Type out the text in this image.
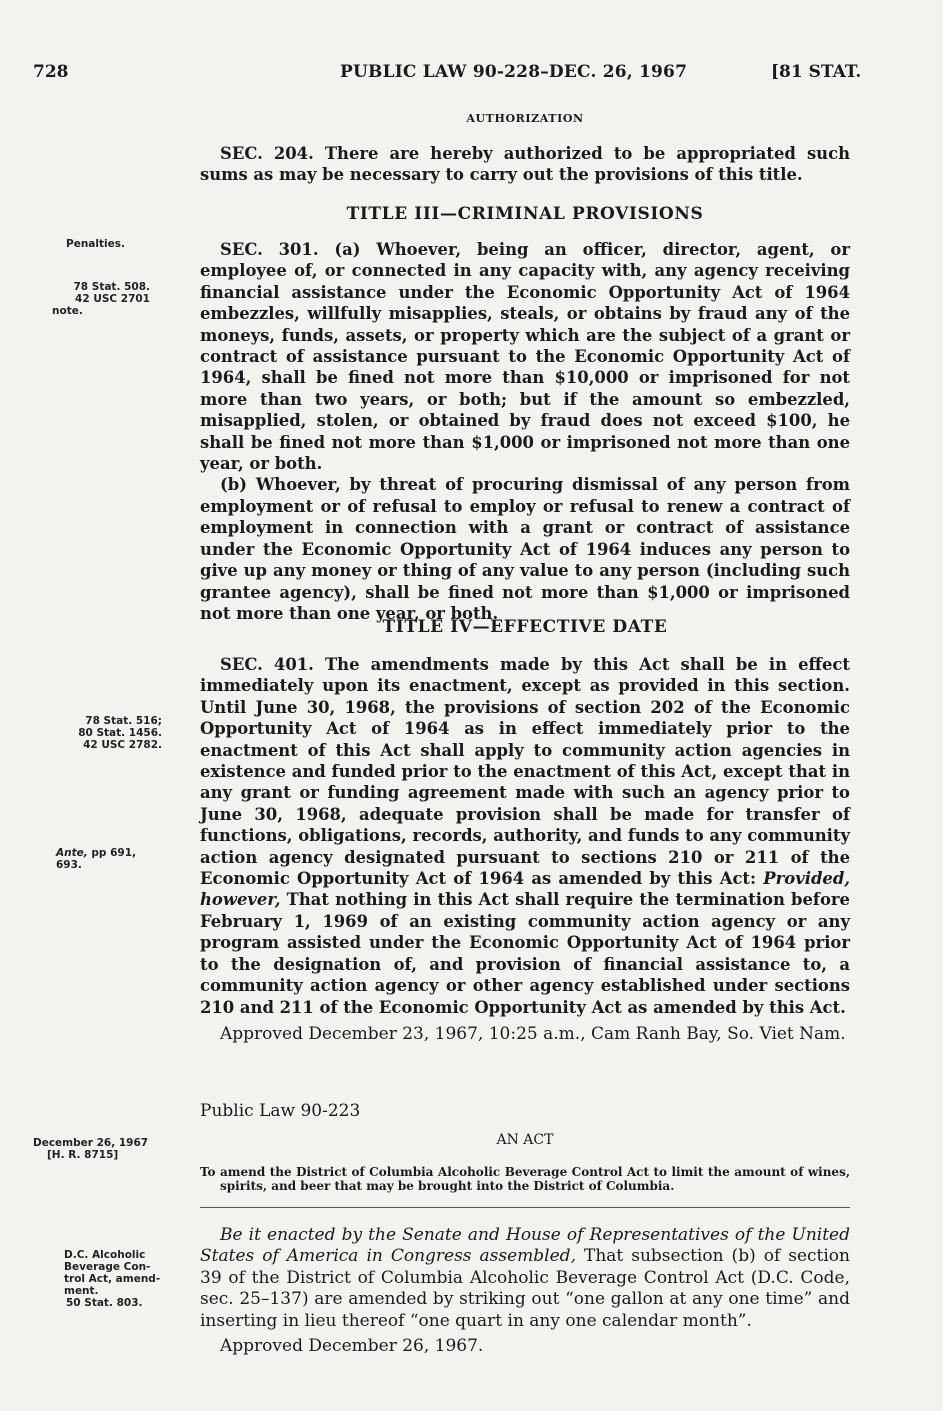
728	PUBLIC LAW 90-228–DEC. 26, 1967	[81 STAT.

AUTHORIZATION

SEC. 204. There are hereby authorized to be appropriated such sums as may be necessary to carry out the provisions of this title.

TITLE III—CRIMINAL PROVISIONS

SEC. 301. (a) Whoever, being an officer, director, agent, or employee of, or connected in any capacity with, any agency receiving financial assistance under the Economic Opportunity Act of 1964 embezzles, willfully misapplies, steals, or obtains by fraud any of the moneys, funds, assets, or property which are the subject of a grant or contract of assistance pursuant to the Economic Opportunity Act of 1964, shall be fined not more than $10,000 or imprisoned for not more than two years, or both; but if the amount so embezzled, misapplied, stolen, or obtained by fraud does not exceed $100, he shall be fined not more than $1,000 or imprisoned not more than one year, or both.

(b) Whoever, by threat of procuring dismissal of any person from employment or of refusal to employ or refusal to renew a contract of employment in connection with a grant or contract of assistance under the Economic Opportunity Act of 1964 induces any person to give up any money or thing of any value to any person (including such grantee agency), shall be fined not more than $1,000 or imprisoned not more than one year, or both.

TITLE IV—EFFECTIVE DATE

SEC. 401. The amendments made by this Act shall be in effect immediately upon its enactment, except as provided in this section. Until June 30, 1968, the provisions of section 202 of the Economic Opportunity Act of 1964 as in effect immediately prior to the enactment of this Act shall apply to community action agencies in existence and funded prior to the enactment of this Act, except that in any grant or funding agreement made with such an agency prior to June 30, 1968, adequate provision shall be made for transfer of functions, obligations, records, authority, and funds to any community action agency designated pursuant to sections 210 or 211 of the Economic Opportunity Act of 1964 as amended by this Act: Provided, however, That nothing in this Act shall require the termination before February 1, 1969 of an existing community action agency or any program assisted under the Economic Opportunity Act of 1964 prior to the designation of, and provision of financial assistance to, a community action agency or other agency established under sections 210 and 211 of the Economic Opportunity Act as amended by this Act.

Approved December 23, 1967, 10:25 a.m., Cam Ranh Bay, So. Viet Nam.

Public Law 90-223

AN ACT

To amend the District of Columbia Alcoholic Beverage Control Act to limit the amount of wines, spirits, and beer that may be brought into the District of Columbia.

Be it enacted by the Senate and House of Representatives of the United States of America in Congress assembled, That subsection (b) of section 39 of the District of Columbia Alcoholic Beverage Control Act (D.C. Code, sec. 25–137) are amended by striking out “one gallon at any one time” and inserting in lieu thereof “one quart in any one calendar month”.

Approved December 26, 1967.

Penalties.
78 Stat. 508.
42 USC 2701
note.
78 Stat. 516;
80 Stat. 1456.
42 USC 2782.
Ante, pp 691,
693.
December 26, 1967
[H. R. 8715]
D.C. Alcoholic
Beverage Con-
trol Act, amend-
ment.
50 Stat. 803.
